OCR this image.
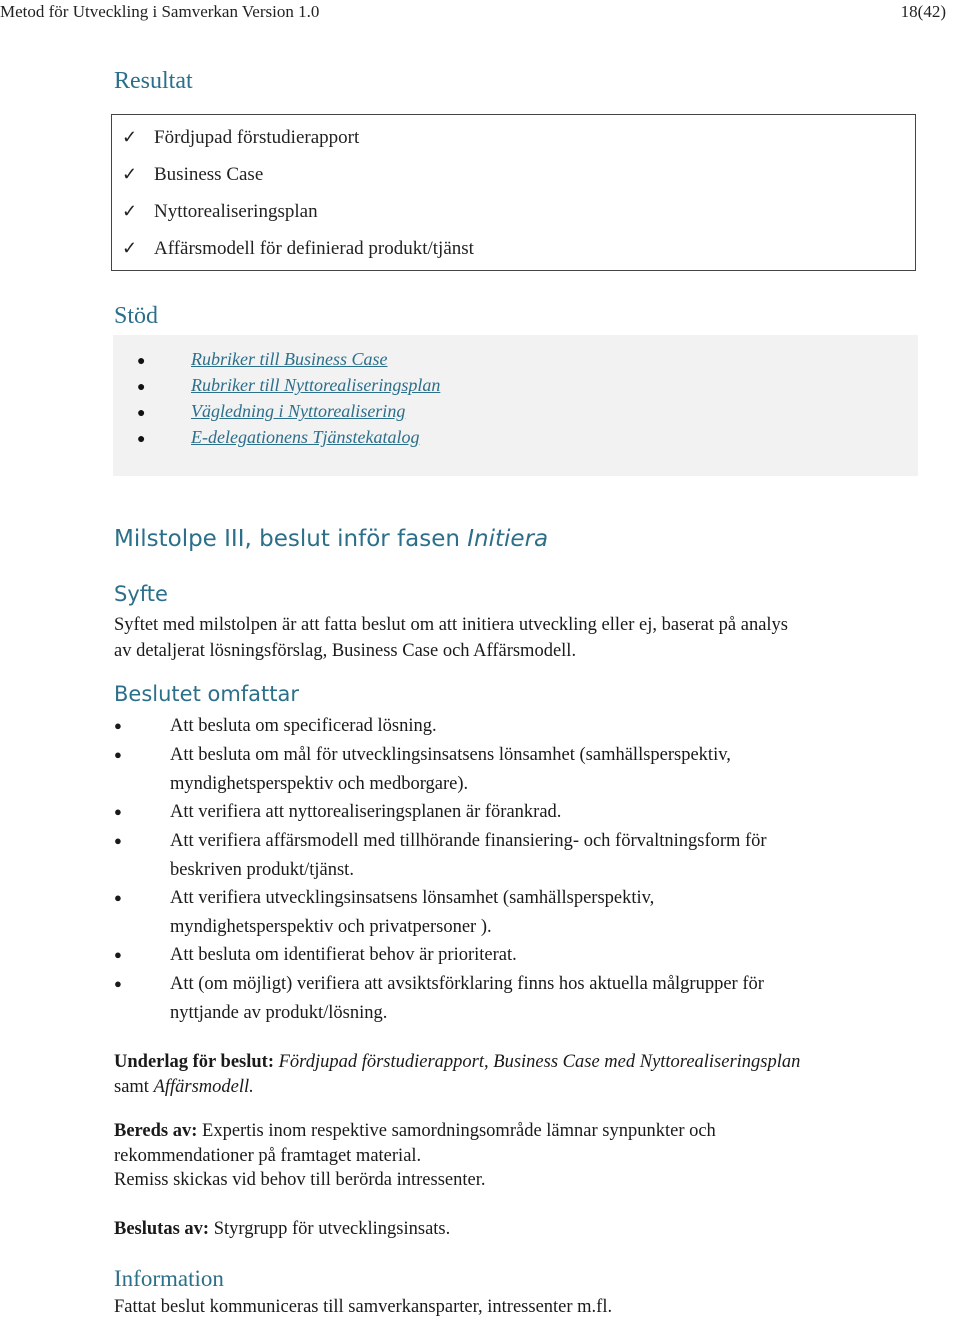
Metod för Utveckling i Samverkan Version 1.0	18(42)
Resultat
✓ Fördjupad förstudierapport
✓ Business Case
✓ Nyttorealiseringsplan
✓ Affärsmodell för definierad produkt/tjänst
Stöd
●	Rubriker till Business Case
●	Rubriker till Nyttorealiseringsplan
●	Vägledning i Nyttorealisering
●	E-delegationens Tjänstekatalog
Milstolpe III, beslut inför fasen Initiera
Syfte
Syftet med milstolpen är att fatta beslut om att initiera utveckling eller ej, baserat på analys
av detaljerat lösningsförslag, Business Case och Affärsmodell.
Beslutet omfattar
●	Att besluta om specificerad lösning.
●	Att besluta om mål för utvecklingsinsatsens lönsamhet (samhällsperspektiv,
myndighetsperspektiv och medborgare).
●	Att verifiera att nyttorealiseringsplanen är förankrad.
●	Att verifiera affärsmodell med tillhörande finansiering- och förvaltningsform för
beskriven produkt/tjänst.
●	Att verifiera utvecklingsinsatsens lönsamhet (samhällsperspektiv,
myndighetsperspektiv och privatpersoner ).
●	Att besluta om identifierat behov är prioriterat.
●	Att (om möjligt) verifiera att avsiktsförklaring finns hos aktuella målgrupper för
nyttjande av produkt/lösning.
Underlag för beslut: Fördjupad förstudierapport, Business Case med Nyttorealiseringsplan
samt Affärsmodell.
Bereds av: Expertis inom respektive samordningsområde lämnar synpunkter och
rekommendationer på framtaget material.
Remiss skickas vid behov till berörda intressenter.
Beslutas av: Styrgrupp för utvecklingsinsats.
Information
Fattat beslut kommuniceras till samverkansparter, intressenter m.fl.
